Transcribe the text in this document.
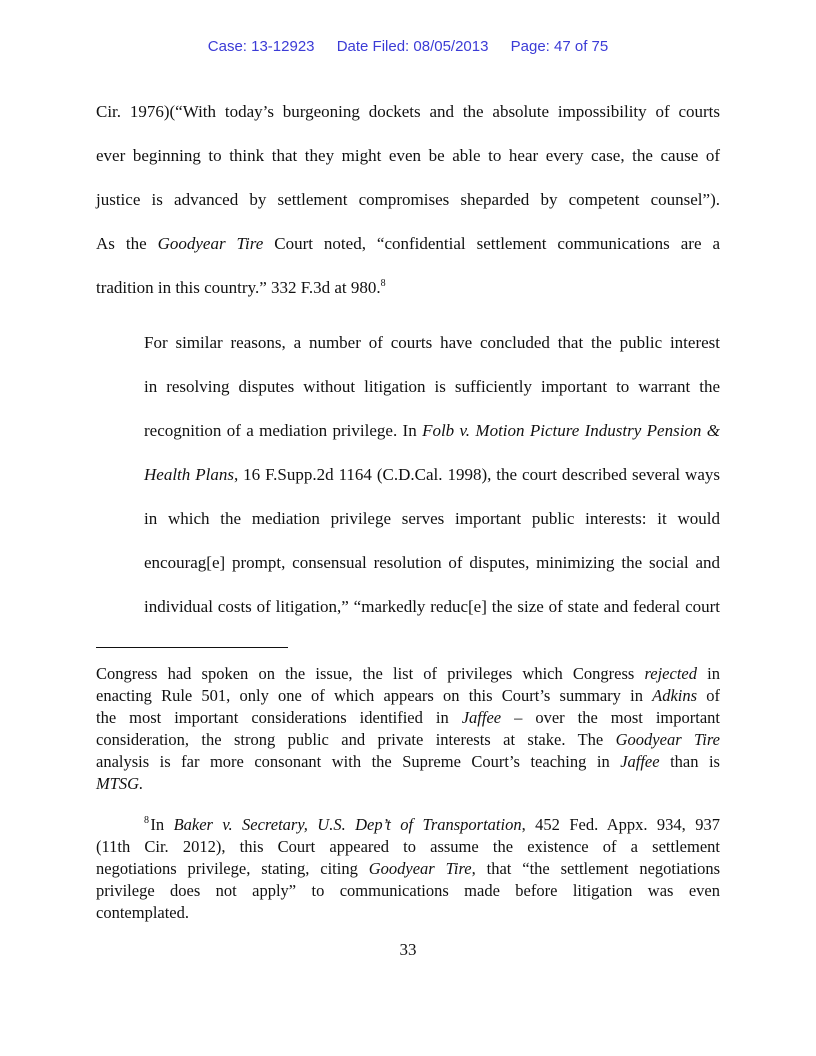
Case: 13-12923 Date Filed: 08/05/2013 Page: 47 of 75
Cir. 1976)(“With today’s burgeoning dockets and the absolute impossibility of courts
ever beginning to think that they might even be able to hear every case, the cause of
justice is advanced by settlement compromises sheparded by competent counsel”).
As the Goodyear Tire Court noted, “confidential settlement communications are a
tradition in this country.” 332 F.3d at 980.$^8$
For similar reasons, a number of courts have concluded that the public interest
in resolving disputes without litigation is sufficiently important to warrant the
recognition of a mediation privilege. In Folb v. Motion Picture Industry Pension &
Health Plans, 16 F.Supp.2d 1164 (C.D.Cal. 1998), the court described several ways
in which the mediation privilege serves important public interests: it would
encourag[e] prompt, consensual resolution of disputes, minimizing the social and
individual costs of litigation,” “markedly reduc[e] the size of state and federal court
Congress had spoken on the issue, the list of privileges which Congress rejected in
enacting Rule 501, only one of which appears on this Court’s summary in Adkins of
the most important considerations identified in Jaffee – over the most important
consideration, the strong public and private interests at stake. The Goodyear Tire
analysis is far more consonant with the Supreme Court’s teaching in Jaffee than is
MTSG.
$^8$ In Baker v. Secretary, U.S. Dep’t of Transportation, 452 Fed. Appx. 934, 937
(11th Cir. 2012), this Court appeared to assume the existence of a settlement
negotiations privilege, stating, citing Goodyear Tire, that “the settlement negotiations
privilege does not apply” to communications made before litigation was even
contemplated.
33
